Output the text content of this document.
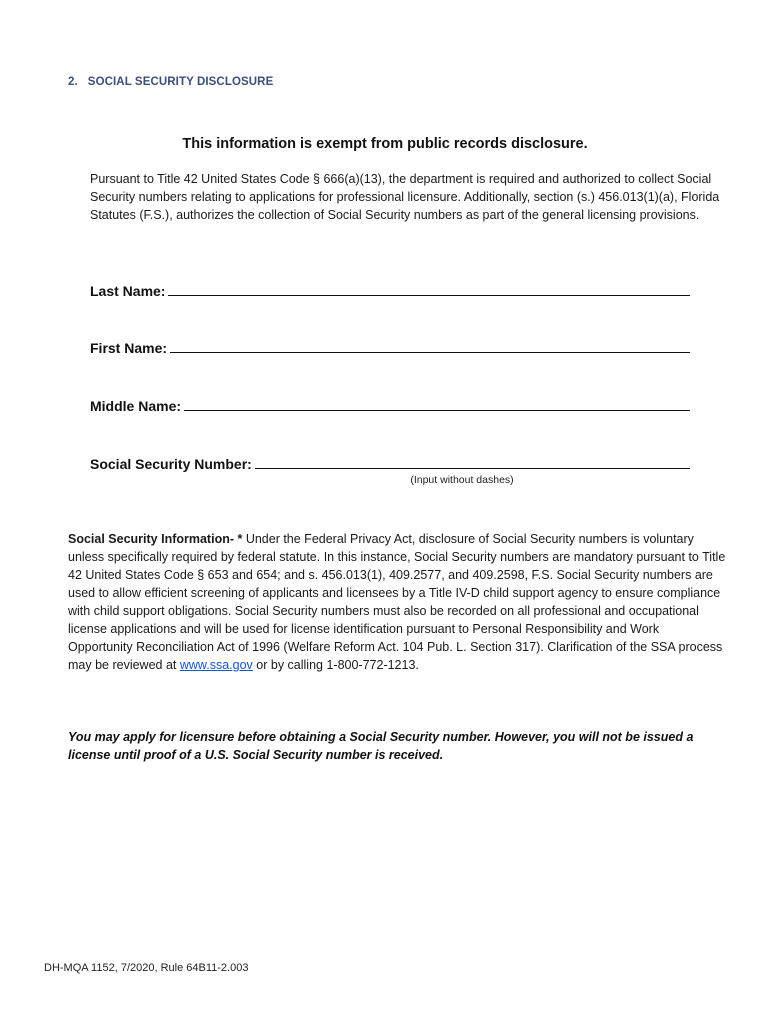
2. SOCIAL SECURITY DISCLOSURE
This information is exempt from public records disclosure.
Pursuant to Title 42 United States Code § 666(a)(13), the department is required and authorized to collect Social Security numbers relating to applications for professional licensure. Additionally, section (s.) 456.013(1)(a), Florida Statutes (F.S.), authorizes the collection of Social Security numbers as part of the general licensing provisions.
Last Name:
First Name:
Middle Name:
Social Security Number:
(Input without dashes)
Social Security Information- * Under the Federal Privacy Act, disclosure of Social Security numbers is voluntary unless specifically required by federal statute. In this instance, Social Security numbers are mandatory pursuant to Title 42 United States Code § 653 and 654; and s. 456.013(1), 409.2577, and 409.2598, F.S. Social Security numbers are used to allow efficient screening of applicants and licensees by a Title IV-D child support agency to ensure compliance with child support obligations. Social Security numbers must also be recorded on all professional and occupational license applications and will be used for license identification pursuant to Personal Responsibility and Work Opportunity Reconciliation Act of 1996 (Welfare Reform Act. 104 Pub. L. Section 317). Clarification of the SSA process may be reviewed at www.ssa.gov or by calling 1-800-772-1213.
You may apply for licensure before obtaining a Social Security number. However, you will not be issued a license until proof of a U.S. Social Security number is received.
DH-MQA 1152, 7/2020, Rule 64B11-2.003
